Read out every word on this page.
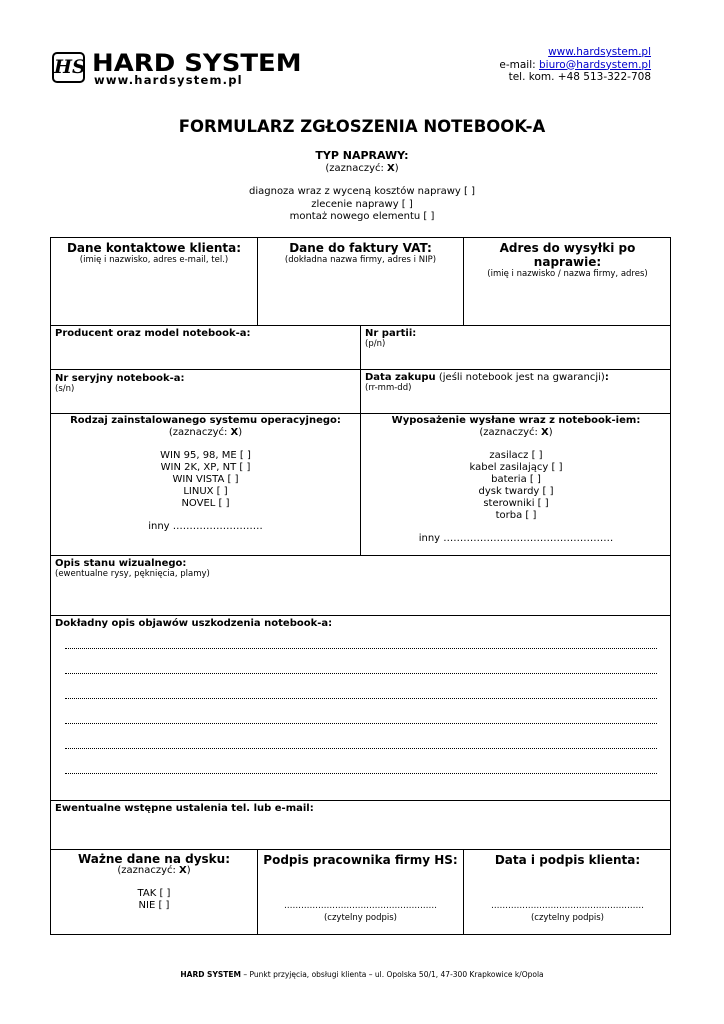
HS HARD SYSTEM
www.hardsystem.pl
www.hardsystem.pl
e-mail: biuro@hardsystem.pl
tel. kom. +48 513-322-708
FORMULARZ ZGŁOSZENIA NOTEBOOK-A
TYP NAPRAWY:
(zaznaczyć: X)
diagnoza wraz z wyceną kosztów naprawy [ ]
zlecenie naprawy [ ]
montaż nowego elementu [ ]
Dane kontaktowe klienta:
(imię i nazwisko, adres e-mail, tel.)
Dane do faktury VAT:
(dokładna nazwa firmy, adres i NIP)
Adres do wysyłki po naprawie:
(imię i nazwisko / nazwa firmy, adres)
Producent oraz model notebook-a:	Nr partii:
(p/n)
Nr seryjny notebook-a:
(s/n)
Data zakupu (jeśli notebook jest na gwarancji):
(rr-mm-dd)
Rodzaj zainstalowanego systemu operacyjnego:
(zaznaczyć: X)
WIN 95, 98, ME [ ]
WIN 2K, XP, NT [ ]
WIN VISTA [ ]
LINUX [ ]
NOVEL [ ]
inny ………………………
Wyposażenie wysłane wraz z notebook-iem:
(zaznaczyć: X)
zasilacz [ ]
kabel zasilający [ ]
bateria [ ]
dysk twardy [ ]
sterowniki [ ]
torba [ ]
inny ……………………………………………
Opis stanu wizualnego:
(ewentualne rysy, pęknięcia, plamy)
Dokładny opis objawów uszkodzenia notebook-a:
Ewentualne wstępne ustalenia tel. lub e-mail:
Ważne dane na dysku:
(zaznaczyć: X)
TAK [ ]
NIE [ ]
Podpis pracownika firmy HS:
………………………………………………
(czytelny podpis)
Data i podpis klienta:
………………………………………………
(czytelny podpis)
HARD SYSTEM – Punkt przyjęcia, obsługi klienta – ul. Opolska 50/1, 47-300 Krapkowice k/Opola
